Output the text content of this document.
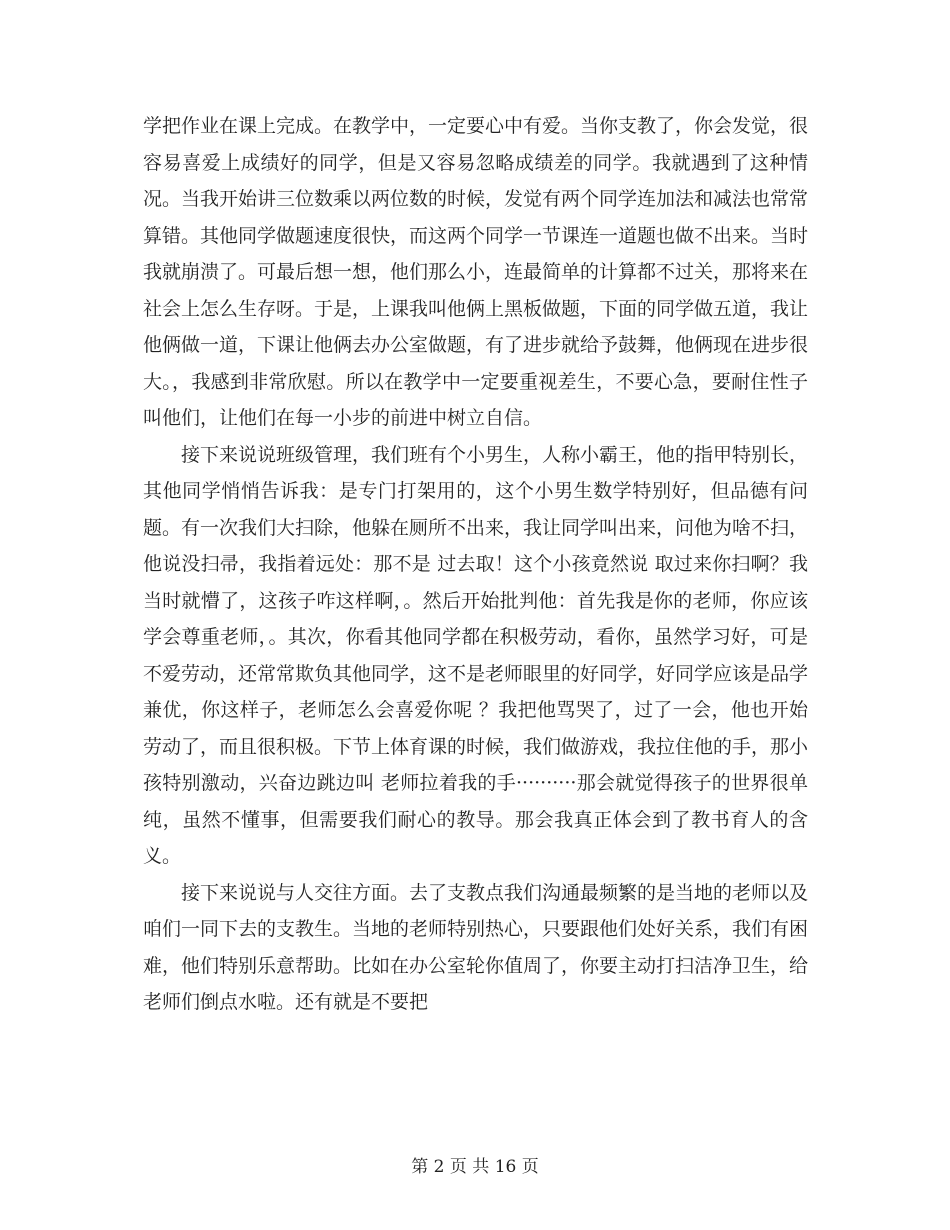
学把作业在课上完成。在教学中，一定要心中有爱。当你支教了，你会发觉，很容易喜爱上成绩好的同学，但是又容易忽略成绩差的同学。我就遇到了这种情况。当我开始讲三位数乘以两位数的时候，发觉有两个同学连加法和减法也常常算错。其他同学做题速度很快，而这两个同学一节课连一道题也做不出来。当时我就崩溃了。可最后想一想，他们那么小，连最简单的计算都不过关，那将来在社会上怎么生存呀。于是，上课我叫他俩上黑板做题，下面的同学做五道，我让他俩做一道，下课让他俩去办公室做题，有了进步就给予鼓舞，他俩现在进步很大。，我感到非常欣慰。所以在教学中一定要重视差生，不要心急，要耐住性子叫他们，让他们在每一小步的前进中树立自信。

接下来说说班级管理，我们班有个小男生，人称小霸王，他的指甲特别长，其他同学悄悄告诉我：是专门打架用的，这个小男生数学特别好，但品德有问题。有一次我们大扫除，他躲在厕所不出来，我让同学叫出来，问他为啥不扫，他说没扫帚，我指着远处：那不是 过去取！这个小孩竟然说 取过来你扫啊？我当时就懵了，这孩子咋这样啊，。然后开始批判他：首先我是你的老师，你应该学会尊重老师，。其次，你看其他同学都在积极劳动，看你，虽然学习好，可是不爱劳动，还常常欺负其他同学，这不是老师眼里的好同学，好同学应该是品学兼优，你这样子，老师怎么会喜爱你呢 ？我把他骂哭了，过了一会，他也开始劳动了，而且很积极。下节上体育课的时候，我们做游戏，我拉住他的手，那小孩特别激动，兴奋边跳边叫 老师拉着我的手··········那会就觉得孩子的世界很单纯，虽然不懂事，但需要我们耐心的教导。那会我真正体会到了教书育人的含义。

接下来说说与人交往方面。去了支教点我们沟通最频繁的是当地的老师以及咱们一同下去的支教生。当地的老师特别热心，只要跟他们处好关系，我们有困难，他们特别乐意帮助。比如在办公室轮你值周了，你要主动打扫洁净卫生，给老师们倒点水啦。还有就是不要把

第 2 页 共 16 页
